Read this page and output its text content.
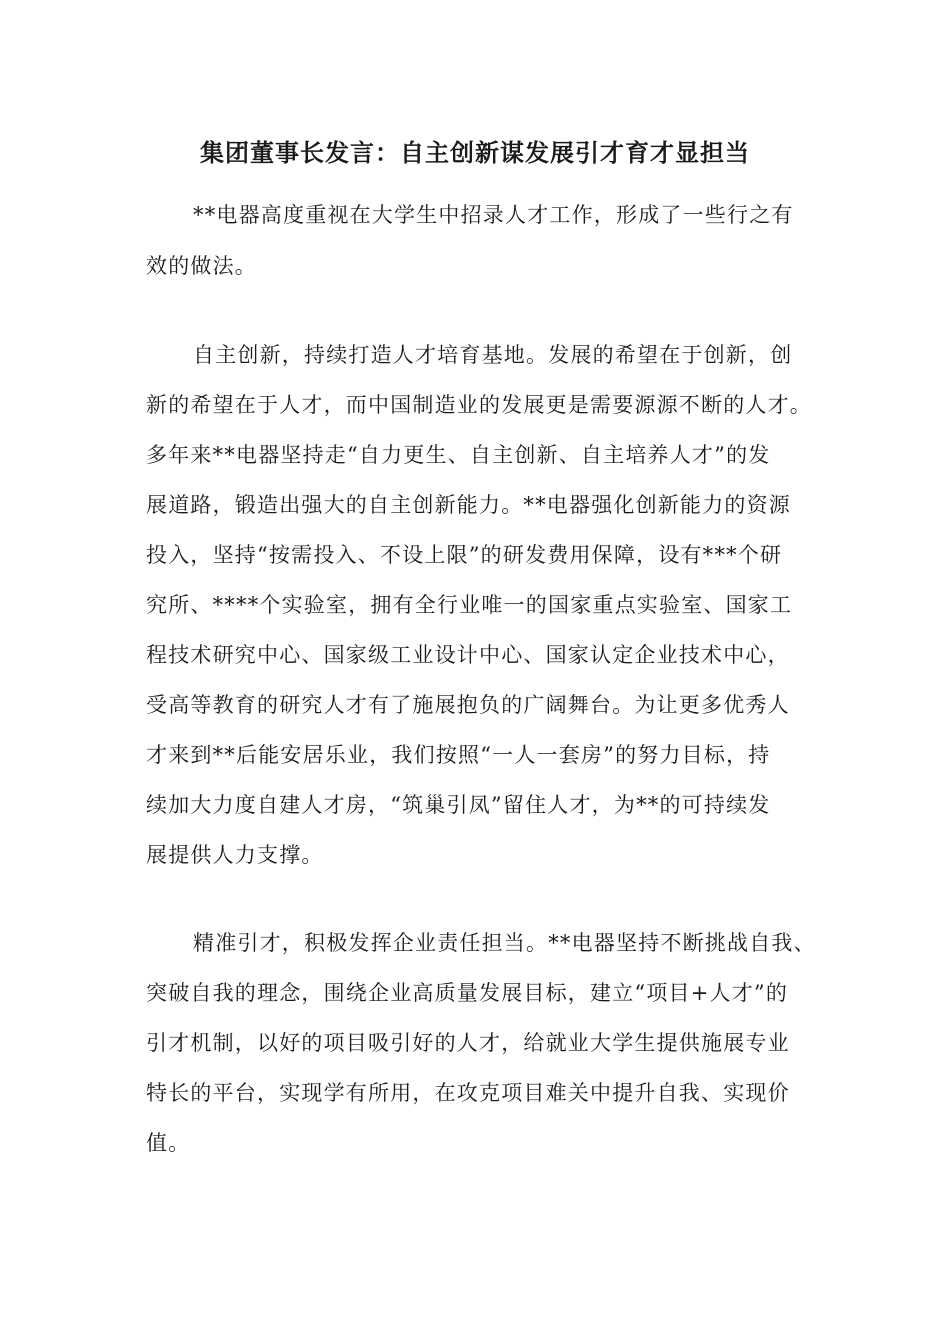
集团董事长发言：自主创新谋发展引才育才显担当

**电器高度重视在大学生中招录人才工作，形成了一些行之有

效的做法。

自主创新，持续打造人才培育基地。发展的希望在于创新，创

新的希望在于人才，而中国制造业的发展更是需要源源不断的人才。

多年来**电器坚持走“自力更生、自主创新、自主培养人才”的发

展道路，锻造出强大的自主创新能力。**电器强化创新能力的资源

投入，坚持“按需投入、不设上限”的研发费用保障，设有***个研

究所、****个实验室，拥有全行业唯一的国家重点实验室、国家工

程技术研究中心、国家级工业设计中心、国家认定企业技术中心，

受高等教育的研究人才有了施展抱负的广阔舞台。为让更多优秀人

才来到**后能安居乐业，我们按照“一人一套房”的努力目标，持

续加大力度自建人才房，“筑巢引凤”留住人才，为**的可持续发

展提供人力支撑。

精准引才，积极发挥企业责任担当。**电器坚持不断挑战自我、

突破自我的理念，围绕企业高质量发展目标，建立“项目+人才”的

引才机制，以好的项目吸引好的人才，给就业大学生提供施展专业

特长的平台，实现学有所用，在攻克项目难关中提升自我、实现价

值。
